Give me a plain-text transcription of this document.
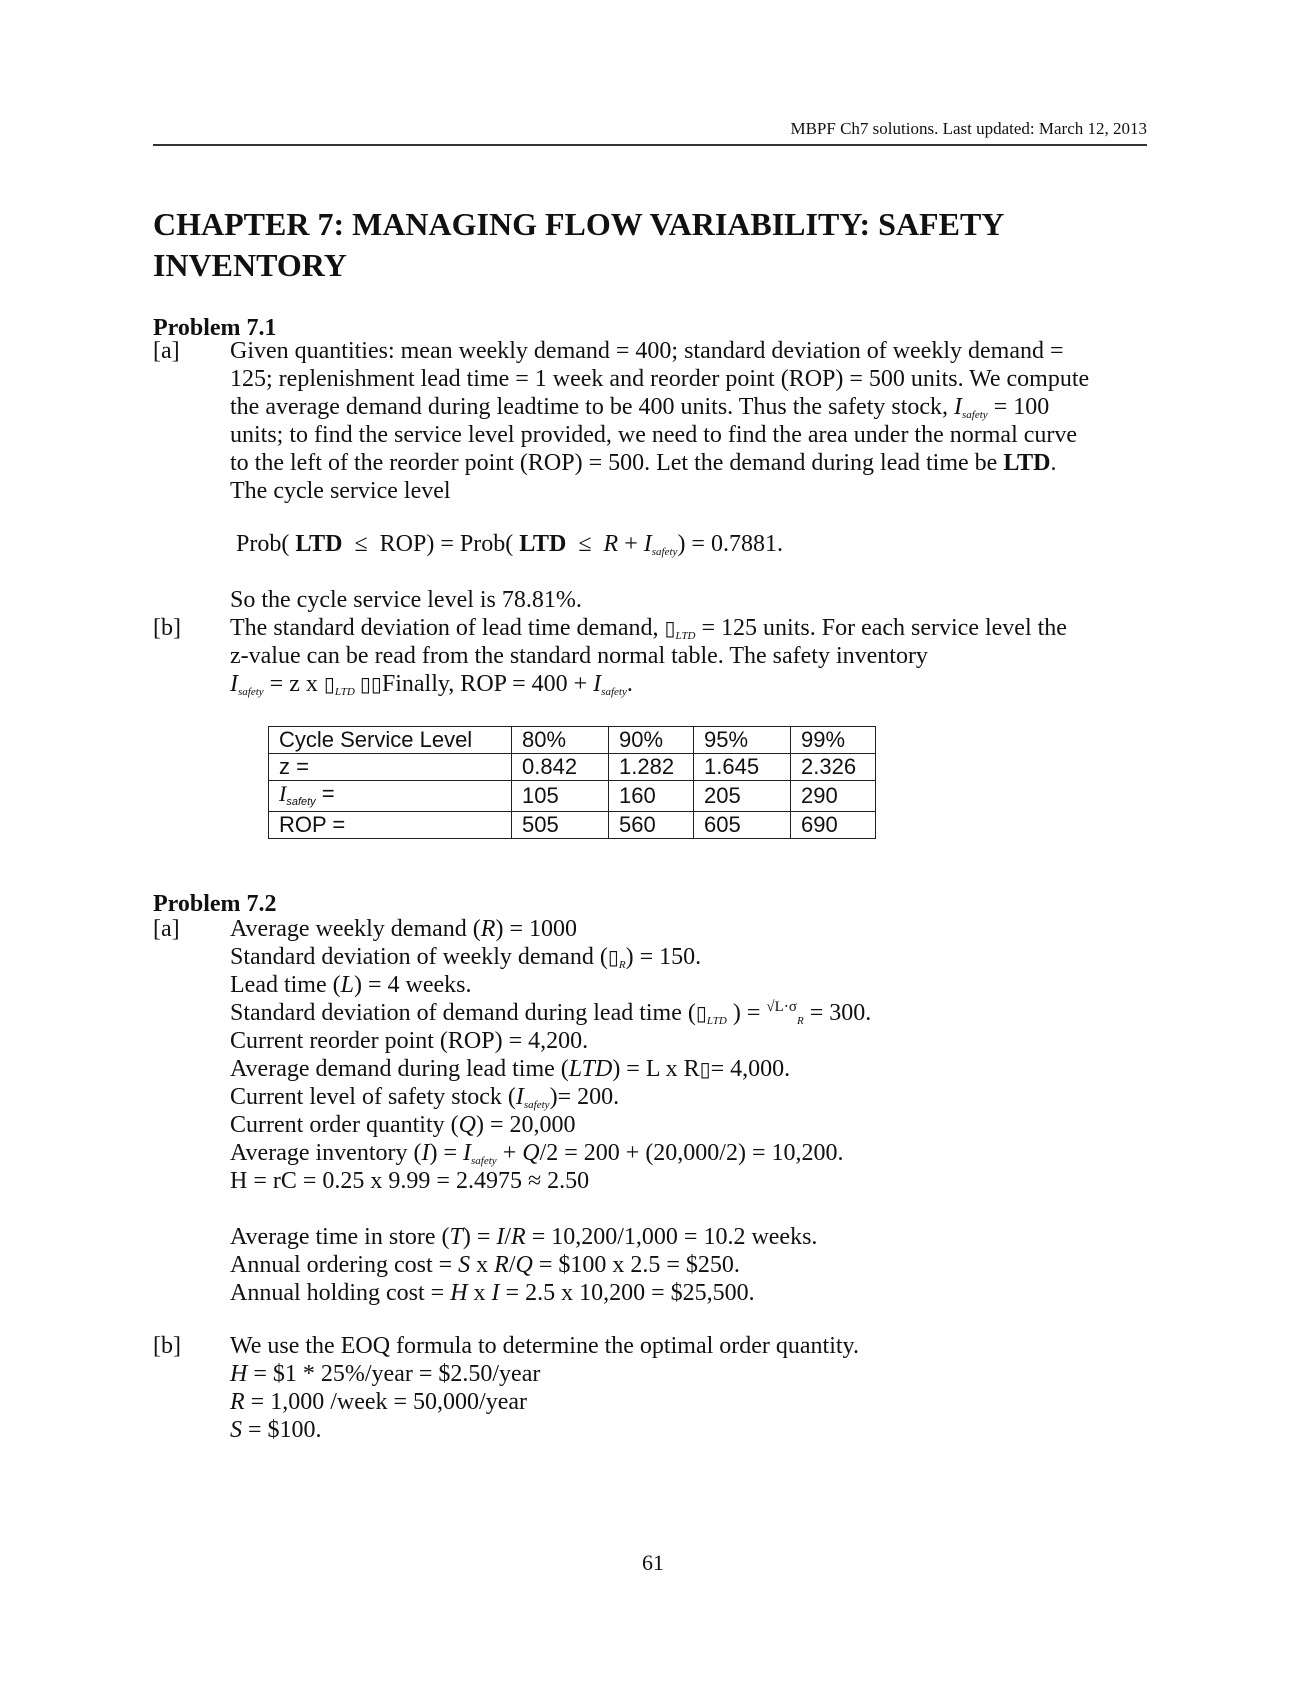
MBPF Ch7 solutions. Last updated: March 12, 2013
CHAPTER 7: MANAGING FLOW VARIABILITY: SAFETY INVENTORY
Problem 7.1
[a] Given quantities: mean weekly demand = 400; standard deviation of weekly demand =
125; replenishment lead time = 1 week and reorder point (ROP) = 500 units. We compute
the average demand during leadtime to be 400 units. Thus the safety stock, Isafety = 100
units; to find the service level provided, we need to find the area under the normal curve
to the left of the reorder point (ROP) = 500. Let the demand during lead time be LTD.
The cycle service level
Prob( LTD  ≤  ROP) = Prob( LTD  ≤  R + Isafety) = 0.7881.
So the cycle service level is 78.81%.
[b] The standard deviation of lead time demand, ▯LTD = 125 units. For each service level the
z-value can be read from the standard normal table. The safety inventory
Isafety = z x ▯LTD ▯▯Finally, ROP = 400 + Isafety.
Cycle Service Level	80%	90%	95%	99%
z =	0.842	1.282	1.645	2.326
Isafety =	105	160	205	290
ROP =	505	560	605	690
Problem 7.2
[a] Average weekly demand (R) = 1000
Standard deviation of weekly demand (▯R) = 150.
Lead time (L) = 4 weeks.
Standard deviation of demand during lead time (▯LTD ) = $^{√L\cdot\sigma}$R = 300.
Current reorder point (ROP) = 4,200.
Average demand during lead time (LTD) = L x R▯= 4,000.
Current level of safety stock (Isafety)= 200.
Current order quantity (Q) = 20,000
Average inventory (I) = Isafety + Q/2 = 200 + (20,000/2) = 10,200.
H = rC = 0.25 x 9.99 = 2.4975 ≈ 2.50
Average time in store (T) = I/R = 10,200/1,000 = 10.2 weeks.
Annual ordering cost = S x R/Q = $100 x 2.5 = $250.
Annual holding cost = H x I = 2.5 x 10,200 = $25,500.
[b] We use the EOQ formula to determine the optimal order quantity.
H = $1 * 25%/year = $2.50/year
R = 1,000 /week = 50,000/year
S = $100.
61
